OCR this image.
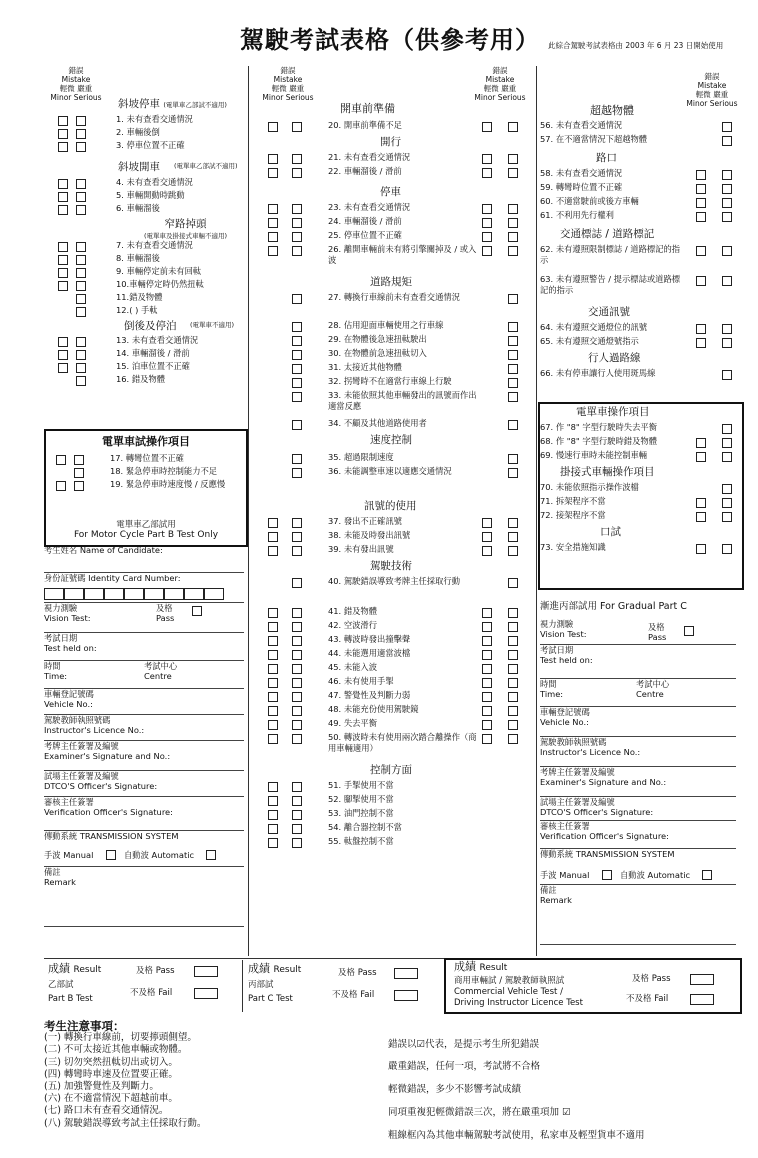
駕駛考試表格（供參考用） 此綜合駕駛考試表格由 2003 年 6 月 23 日開始使用
錯誤
Mistake
輕微 嚴重
Minor Serious
斜坡停車 (電單車乙部試不適用)
1. 未有查看交通情況
2. 車輛後倒
3. 停車位置不正確
斜坡開車 (電單車乙部試不適用)
4. 未有查看交通情況
5. 車輛開動時跳動
6. 車輛溜後
窄路掉頭
(電單車及掛接式車輛不適用)
7. 未有查看交通情況
8. 車輛溜後
9. 車輛停定前未有回軚
10.車輛停定時仍然扭軚
11.錯及物體
12.( ) 手軚
倒後及停泊 (電單車不適用)
13. 未有查看交通情況
14. 車輛溜後 / 滑前
15. 泊車位置不正確
16. 錯及物體
電單車試操作項目
17. 轉彎位置不正確
18. 緊急停車時控制能力不足
19. 緊急停車時速度慢 / 反應慢
電單車乙部試用
For Motor Cycle Part B Test Only
錯誤
Mistake
輕微 嚴重
Minor Serious
錯誤
Mistake
輕微 嚴重
Minor Serious
開車前準備
20. 開車前準備不足
開行
21. 未有查看交通情況
22. 車輛溜後 / 滑前
停車
23. 未有查看交通情況
24. 車輛溜後 / 滑前
25. 停車位置不正確
26. 離開車輛前未有將引擎關掉及 / 或入波
道路規矩
27. 轉換行車線前未有查看交通情況
28. 佔用迎面車輛使用之行車線
29. 在物體後急速扭軚駛出
30. 在物體前急速扭軚切入
31. 太接近其他物體
32. 拐彎時不在適當行車線上行駛
33. 未能依照其他車輛發出的訊號而作出適當反應
34. 不顧及其他道路使用者
速度控制
35. 超過限制速度
36. 未能調整車速以適應交通情況
訊號的使用
37. 發出不正確訊號
38. 未能及時發出訊號
39. 未有發出訊號
駕駛技術
40. 駕駛錯誤導致考牌主任採取行動
41. 錯及物體
42. 空波滑行
43. 轉波時發出撞擊聲
44. 未能選用適當波檔
45. 未能入波
46. 未有使用手掣
47. 警覺性及判斷力弱
48. 未能充份使用駕駛鏡
49. 失去平衡
50. 轉波時未有使用兩次踏合離操作（商用車輛適用）
控制方面
51. 手掣使用不當
52. 腳掣使用不當
53. 油門控制不當
54. 離合器控制不當
55. 軚盤控制不當
錯誤
Mistake
輕微 嚴重
Minor Serious
超越物體
56. 未有查看交通情況
57. 在不適當情況下超越物體
路口
58. 未有查看交通情況
59. 轉彎時位置不正確
60. 不適當駛前或後方車輛
61. 不利用先行權利
交通標誌 / 道路標記
62. 未有遵照限制標誌 / 道路標記的指示
63. 未有遵照警告 / 提示標誌或道路標記的指示
交通訊號
64. 未有遵照交通燈位的訊號
65. 未有遵照交通燈號指示
行人過路線
66. 未有停車讓行人使用斑馬線
電單車操作項目
67. 作 "8" 字型行駛時失去平衡
68. 作 "8" 字型行駛時錯及物體
69. 慢速行車時未能控制車輛
掛接式車輛操作項目
70. 未能依照指示操作波檔
71. 拆架程序不當
72. 接架程序不當
口試
73. 安全措施知識
考生姓名 Name of Candidate:
身份証號碼 Identity Card Number:
視力測驗
Vision Test:
及格
Pass
考試日期
Test held on:
時間
Time:
考試中心
Centre
車輛登記號碼
Vehicle No.:
駕駛教師執照號碼
Instructor's Licence No.:
考牌主任簽署及編號
Examiner's Signature and No.:
試場主任簽署及編號
DTCO'S Officer's Signature:
審核主任簽署
Verification Officer's Signature:
傳動系統 TRANSMISSION SYSTEM
手波 Manual	自動波 Automatic
備註
Remark
漸進丙部試用 For Gradual Part C
視力測驗
Vision Test:
及格
Pass
考試日期
Test held on:
時間
Time:
考試中心
Centre
車輛登記號碼
Vehicle No.:
駕駛教師執照號碼
Instructor's Licence No.:
考牌主任簽署及編號
Examiner's Signature and No.:
試場主任簽署及編號
DTCO'S Officer's Signature:
審核主任簽署
Verification Officer's Signature:
傳動系統 TRANSMISSION SYSTEM
手波 Manual	自動波 Automatic
備註
Remark
成績 Result
乙部試
Part B Test
及格 Pass
不及格 Fail
成績 Result
丙部試
Part C Test
及格 Pass
不及格 Fail
成績 Result
商用車輛試 / 駕駛教師執照試
Commercial Vehicle Test /
Driving Instructor Licence Test
及格 Pass
不及格 Fail
考生注意事項：
(一) 轉換行車線前，切要擰頭側望。
(二) 不可太接近其他車輛或物體。
(三) 切勿突然扭軚切出或切入。
(四) 轉彎時車速及位置要正確。
(五) 加強警覺性及判斷力。
(六) 在不適當情況下超越前車。
(七) 路口未有查看交通情況。
(八) 駕駛錯誤導致考試主任採取行動。
錯誤以☑代表，是提示考生所犯錯誤
嚴重錯誤，任何一項，考試將不合格
輕微錯誤，多少不影響考試成績
同項重複犯輕微錯誤三次，將在嚴重項加 ☑
粗線框內為其他車輛駕駛考試使用，私家車及輕型貨車不適用
